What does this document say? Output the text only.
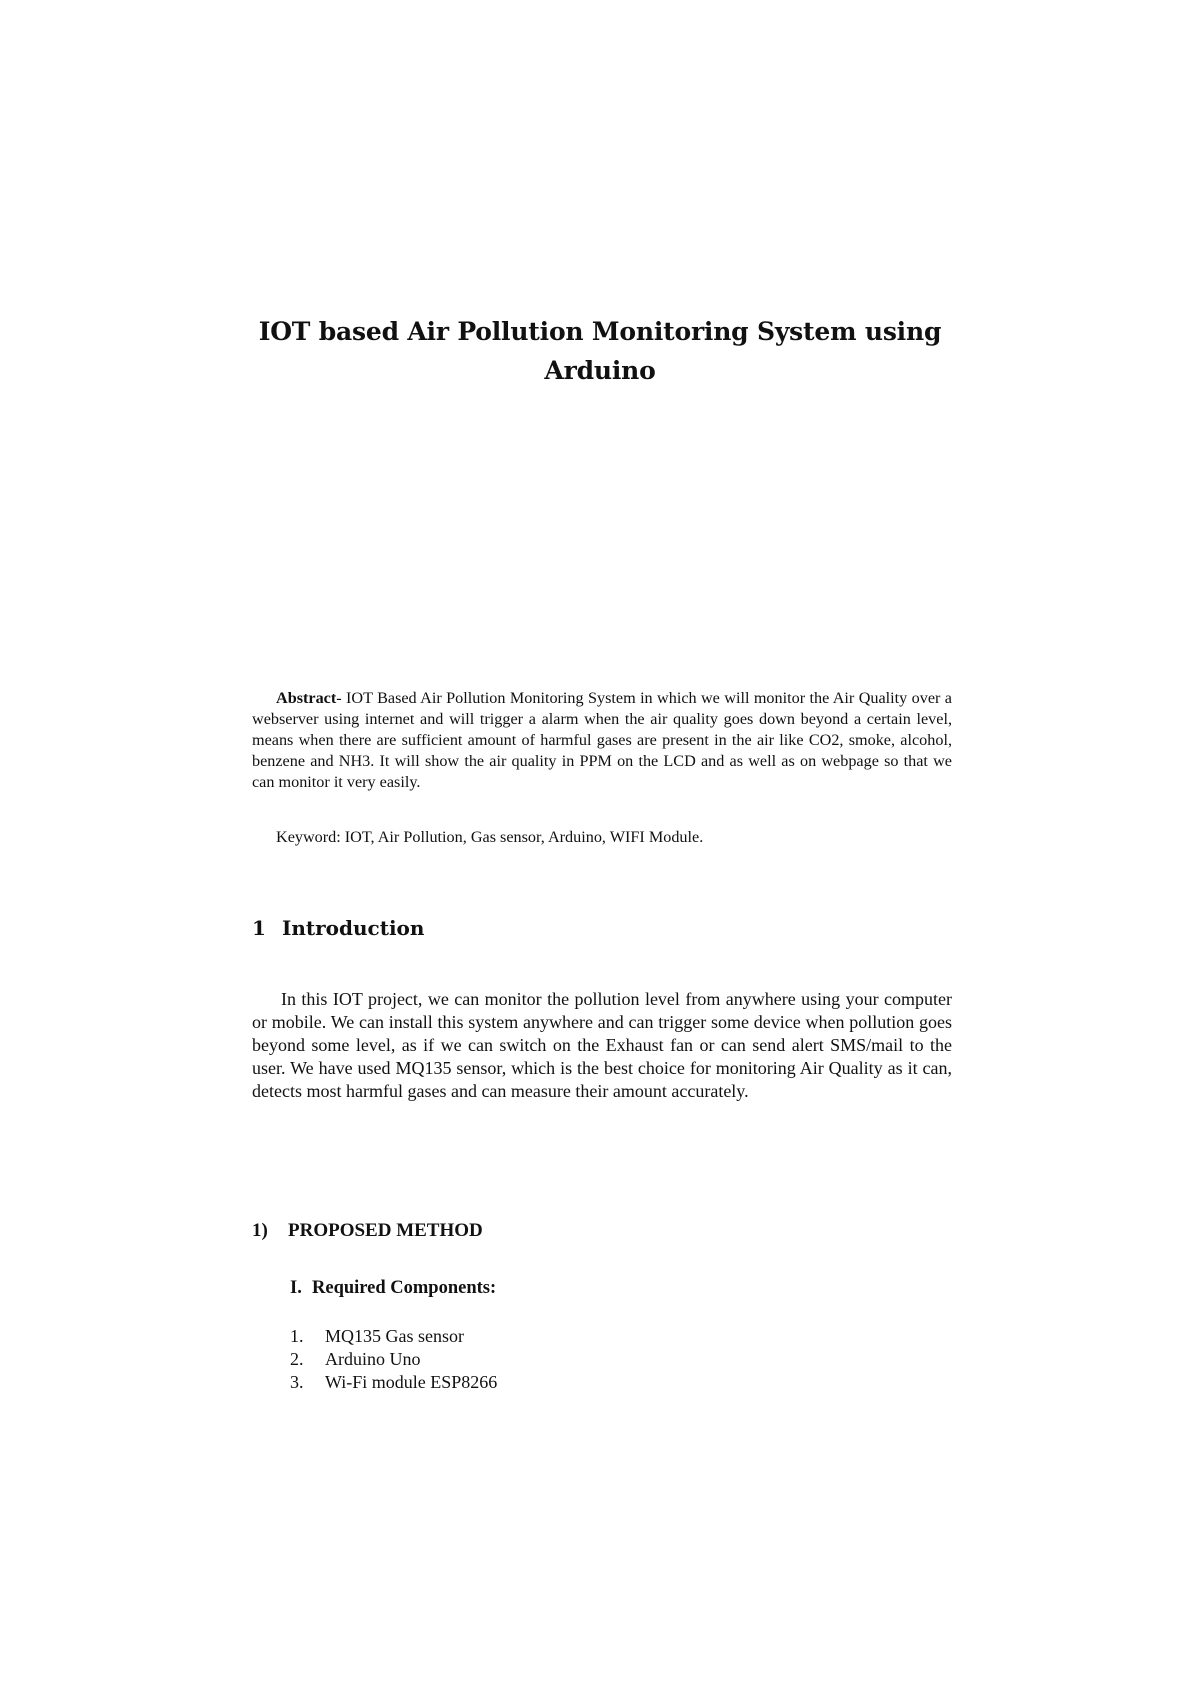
IOT based Air Pollution Monitoring System using Arduino

Abstract- IOT Based Air Pollution Monitoring System in which we will monitor the Air Quality over a webserver using internet and will trigger a alarm when the air quality goes down beyond a certain level, means when there are sufficient amount of harmful gases are present in the air like CO2, smoke, alcohol, benzene and NH3. It will show the air quality in PPM on the LCD and as well as on webpage so that we can monitor it very easily.

Keyword: IOT, Air Pollution, Gas sensor, Arduino, WIFI Module.

1 Introduction

In this IOT project, we can monitor the pollution level from anywhere using your computer or mobile. We can install this system anywhere and can trigger some device when pollution goes beyond some level, as if we can switch on the Exhaust fan or can send alert SMS/mail to the user. We have used MQ135 sensor, which is the best choice for monitoring Air Quality as it can, detects most harmful gases and can measure their amount accurately.

1)	PROPOSED METHOD
I. Required Components:
1.	MQ135 Gas sensor
2.	Arduino Uno
3.	Wi-Fi module ESP8266
